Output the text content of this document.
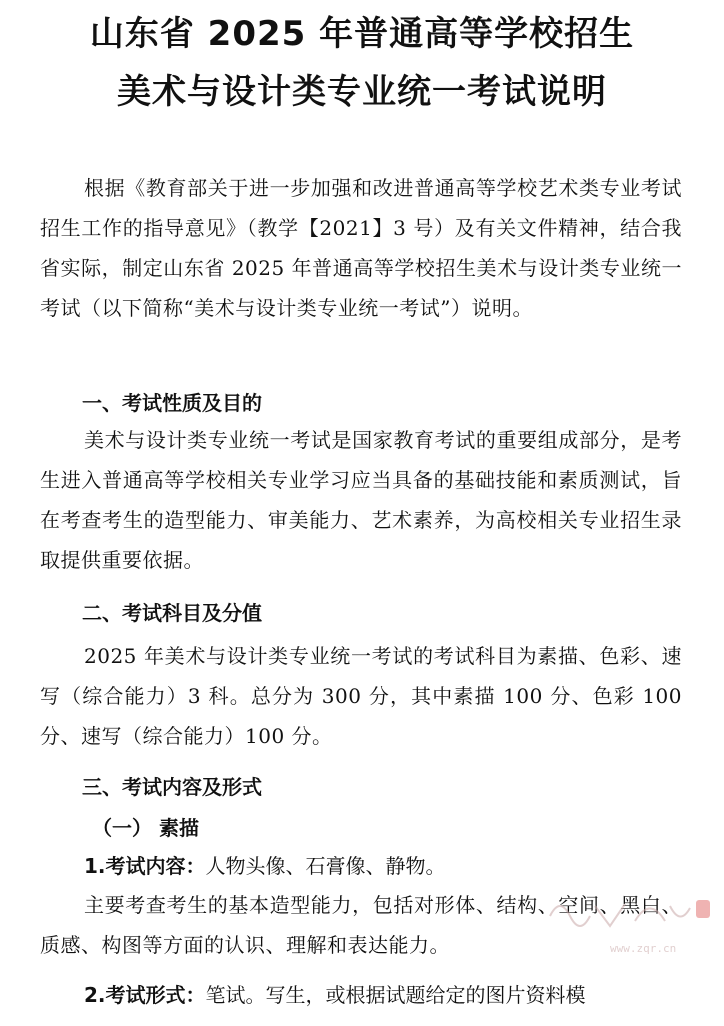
山东省 2025 年普通高等学校招生
美术与设计类专业统一考试说明
根据《教育部关于进一步加强和改进普通高等学校艺术类专业考试招生工作的指导意见》（教学【2021】3 号）及有关文件精神，结合我省实际，制定山东省 2025 年普通高等学校招生美术与设计类专业统一考试（以下简称“美术与设计类专业统一考试”）说明。
一、考试性质及目的
美术与设计类专业统一考试是国家教育考试的重要组成部分，是考生进入普通高等学校相关专业学习应当具备的基础技能和素质测试，旨在考查考生的造型能力、审美能力、艺术素养，为高校相关专业招生录取提供重要依据。
二、考试科目及分值
2025 年美术与设计类专业统一考试的考试科目为素描、色彩、速写（综合能力）3 科。总分为 300 分，其中素描 100 分、色彩 100 分、速写（综合能力）100 分。
三、考试内容及形式
（一） 素描
1.考试内容：人物头像、石膏像、静物。
主要考查考生的基本造型能力，包括对形体、结构、空间、黑白、质感、构图等方面的认识、理解和表达能力。
2.考试形式：笔试。写生，或根据试题给定的图片资料模
www.zqr.cn
